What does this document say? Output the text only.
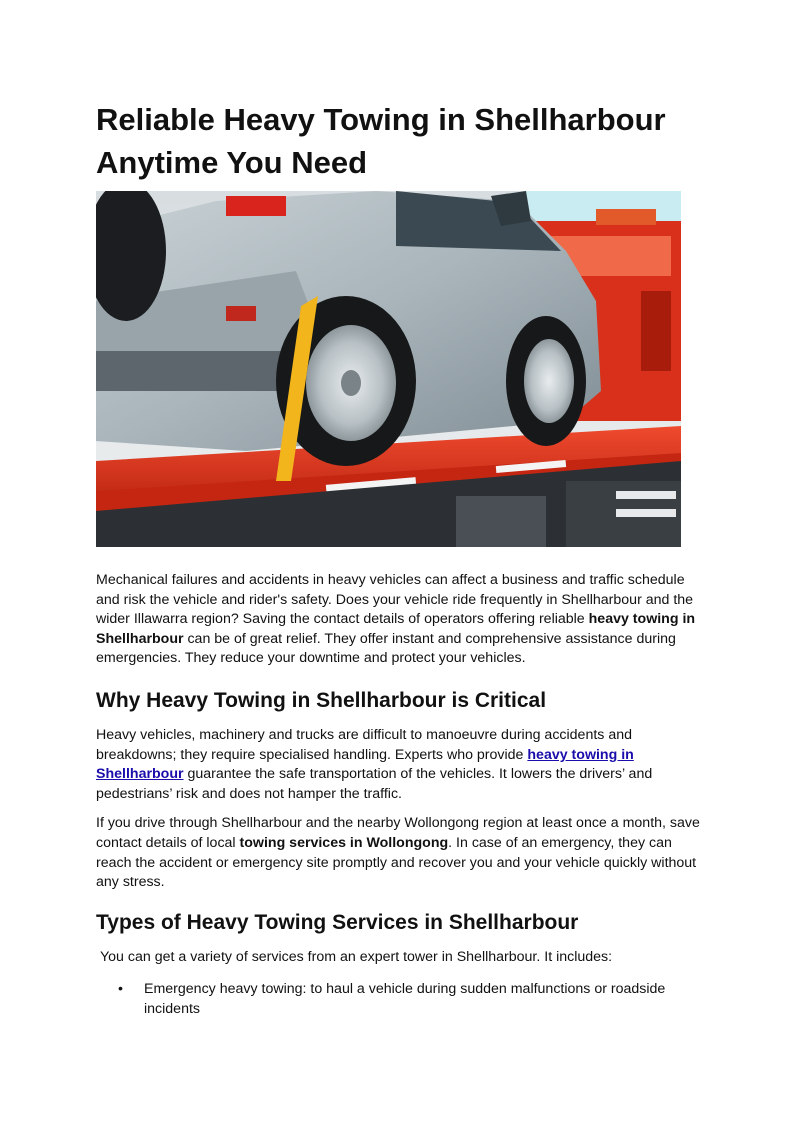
Reliable Heavy Towing in Shellharbour Anytime You Need

Mechanical failures and accidents in heavy vehicles can affect a business and traffic schedule and risk the vehicle and rider's safety. Does your vehicle ride frequently in Shellharbour and the wider Illawarra region? Saving the contact details of operators offering reliable heavy towing in Shellharbour can be of great relief. They offer instant and comprehensive assistance during emergencies. They reduce your downtime and protect your vehicles.

Why Heavy Towing in Shellharbour is Critical

Heavy vehicles, machinery and trucks are difficult to manoeuvre during accidents and breakdowns; they require specialised handling. Experts who provide heavy towing in Shellharbour guarantee the safe transportation of the vehicles. It lowers the drivers’ and pedestrians’ risk and does not hamper the traffic.

If you drive through Shellharbour and the nearby Wollongong region at least once a month, save contact details of local towing services in Wollongong. In case of an emergency, they can reach the accident or emergency site promptly and recover you and your vehicle quickly without any stress.

Types of Heavy Towing Services in Shellharbour

You can get a variety of services from an expert tower in Shellharbour. It includes:

• Emergency heavy towing: to haul a vehicle during sudden malfunctions or roadside incidents
